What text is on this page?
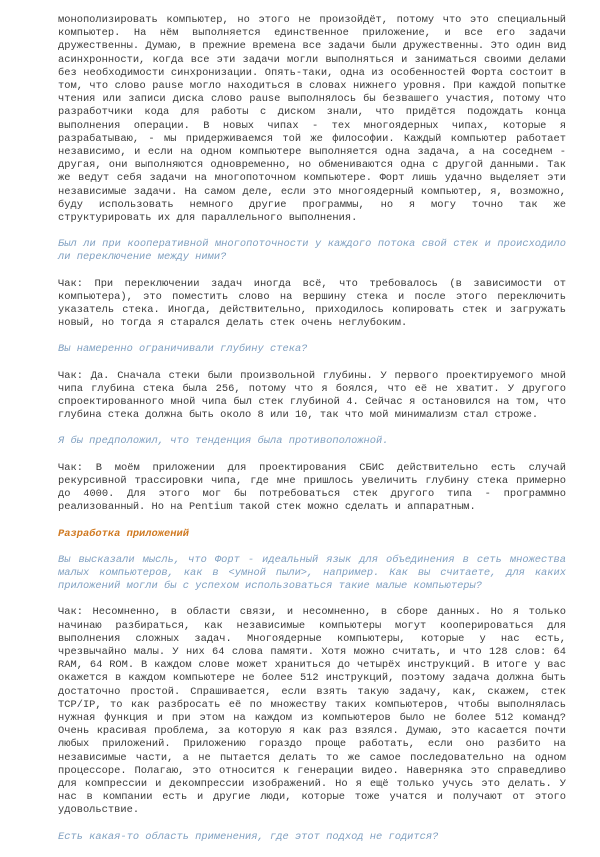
монополизировать компьютер, но этого не произойдёт, потому что это специальный компьютер. На нём выполняется единственное приложение, и все его задачи дружественны. Думаю, в прежние времена все задачи были дружественны. Это один вид асинхронности, когда все эти задачи могли выполняться и заниматься своими делами без необходимости синхронизации. Опять-таки, одна из особенностей Форта состоит в том, что слово pause могло находиться в словах нижнего уровня. При каждой попытке чтения или записи диска слово pause выполнялось бы безвашего участия, потому что разработчики кода для работы с диском знали, что придётся подождать конца выполнения операции. В новых чипах - тех многоядерных чипах, которые я разрабатываю, - мы придерживаемся той же философии. Каждый компьютер работает независимо, и если на одном компьютере выполняется одна задача, а на соседнем - другая, они выполняются одновременно, но обмениваются одна с другой данными. Так же ведут себя задачи на многопоточном компьютере. Форт лишь удачно выделяет эти независимые задачи. На самом деле, если это многоядерный компьютер, я, возможно, буду использовать немного другие программы, но я могу точно так же структурировать их для параллельного выполнения.

Был ли при кооперативной многопоточности у каждого потока свой стек и происходило ли переключение между ними?

Чак: При переключении задач иногда всё, что требовалось (в зависимости от компьютера), это поместить слово на вершину стека и после этого переключить указатель стека. Иногда, действительно, приходилось копировать стек и загружать новый, но тогда я старался делать стек очень неглубоким.

Вы намеренно ограничивали глубину стека?

Чак: Да. Сначала стеки были произвольной глубины. У первого проектируемого мной чипа глубина стека была 256, потому что я боялся, что её не хватит. У другого спроектированного мной чипа был стек глубиной 4. Сейчас я остановился на том, что глубина стека должна быть около 8 или 10, так что мой минимализм стал строже.

Я бы предположил, что тенденция была противоположной.

Чак: В моём приложении для проектирования СБИС действительно есть случай рекурсивной трассировки чипа, где мне пришлось увеличить глубину стека примерно до 4000. Для этого мог бы потребоваться стек другого типа - программно реализованный. Но на Pentium такой стек можно сделать и аппаратным.

Разработка приложений

Вы высказали мысль, что Форт - идеальный язык для объединения в сеть множества малых компьютеров, как в <умной пыли>, например. Как вы считаете, для каких приложений могли бы с успехом использоваться такие малые компьютеры?

Чак: Несомненно, в области связи, и несомненно, в сборе данных. Но я только начинаю разбираться, как независимые компьютеры могут кооперироваться для выполнения сложных задач. Многоядерные компьютеры, которые у нас есть, чрезвычайно малы. У них 64 слова памяти. Хотя можно считать, и что 128 слов: 64 RAM, 64 ROM. В каждом слове может храниться до четырёх инструкций. В итоге у вас окажется в каждом компьютере не более 512 инструкций, поэтому задача должна быть достаточно простой. Спрашивается, если взять такую задачу, как, скажем, стек TCP/IP, то как разбросать её по множеству таких компьютеров, чтобы выполнялась нужная функция и при этом на каждом из компьютеров было не более 512 команд? Очень красивая проблема, за которую я как раз взялся. Думаю, это касается почти любых приложений. Приложению гораздо проще работать, если оно разбито на независимые части, а не пытается делать то же самое последовательно на одном процессоре. Полагаю, это относится к генерации видео. Наверняка это справедливо для компрессии и декомпрессии изображений. Но я ещё только учусь это делать. У нас в компании есть и другие люди, которые тоже учатся и получают от этого удовольствие.

Есть какая-то область применения, где этот подход не годится?
